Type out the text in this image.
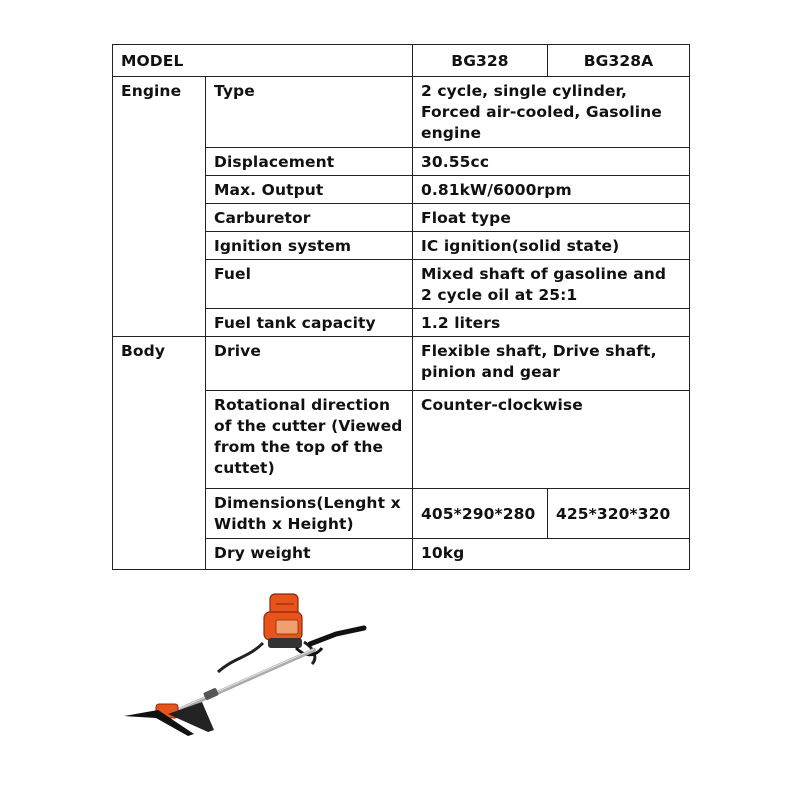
MODEL		BG328	BG328A
Engine	Type	2 cycle, single cylinder, Forced air-cooled, Gasoline engine	
	Displacement	30.55cc	
	Max. Output	0.81kW/6000rpm	
	Carburetor	Float type	
	Ignition system	IC ignition(solid state)	
	Fuel	Mixed shaft of gasoline and 2 cycle oil at 25:1	
	Fuel tank capacity	1.2 liters	
Body	Drive	Flexible shaft, Drive shaft, pinion and gear	
	Rotational direction of the cutter (Viewed from the top of the cuttet)	Counter-clockwise	
	Dimensions(Lenght x Width x Height)	405*290*280	425*320*320
	Dry weight	10kg	
